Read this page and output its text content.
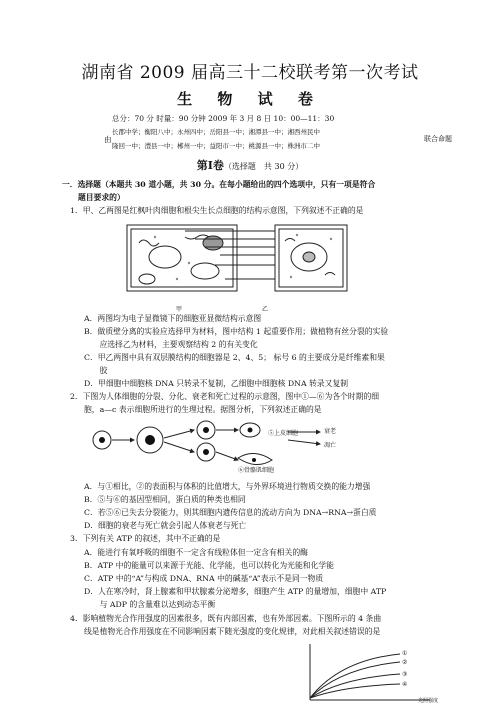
湖南省 2009 届高三十二校联考第一次考试
生 物 试 卷
总分：70 分 时量：90 分钟 2009 年 3 月 8 日 10：00—11：30
长郡中学；衡阳八中；永州四中；岳阳县一中；湘潭县一中；湘西州民中
由	联合命题
隆回一中；澧县一中；郴州一中；益阳市一中；桃源县一中；株洲市二中
第Ⅰ卷（选择题　共 30 分）
一．选择题（本题共 30 道小题，共 30 分。在每小题给出的四个选项中，只有一项是符合
题目要求的）
1．甲、乙两图是红枫叶肉细胞和根尖生长点细胞的结构示意图，下列叙述不正确的是
甲	乙
A．两图均为电子显微镜下的细胞亚显微结构示意图
B．做质壁分离的实验应选择甲为材料，图中结构 1 起重要作用；做植物有丝分裂的实验
　　应选择乙为材料，主要观察结构 2 的有关变化
C．甲乙两图中具有双层膜结构的细胞器是 2、4、5； 标号 6 的主要成分是纤维素和果
　　胶
D．甲细胞中细胞核 DNA 只转录不复制，乙细胞中细胞核 DNA 转录又复制
2．下图为人体细胞的分裂、分化、衰老和死亡过程的示意图，图中①—⑥为各个时期的细
胞，a—c 表示细胞所进行的生理过程。据图分析，下列叙述正确的是
⑤上皮细胞
⑥骨骼肌细胞
衰老
凋亡
A．与①相比，②的表面积与体积的比值增大，与外界环境进行物质交换的能力增强
B．⑤与⑥的基因型相同，蛋白质的种类也相同
C．若⑤⑥已失去分裂能力，则其细胞内遗传信息的流动方向为 DNA→RNA→蛋白质
D．细胞的衰老与死亡就会引起人体衰老与死亡
3．下列有关 ATP 的叙述，其中不正确的是
A．能进行有氧呼吸的细胞不一定含有线粒体但一定含有相关的酶
B．ATP 中的能量可以来源于光能、化学能，也可以转化为光能和化学能
C．ATP 中的“A”与构成 DNA、RNA 中的碱基“A”表示不是同一物质
D．人在寒冷时，肾上腺素和甲状腺素分泌增多，细胞产生 ATP 的量增加，细胞中 ATP
　　与 ADP 的含量难以达到动态平衡
4．影响植物光合作用强度的因素很多，既有内部因素，也有外部因素。下图所示的 4 条曲
线是植物光合作用强度在不同影响因素下随光强度的变化规律，对此相关叙述错误的是
①
②
③
④
光照强度
